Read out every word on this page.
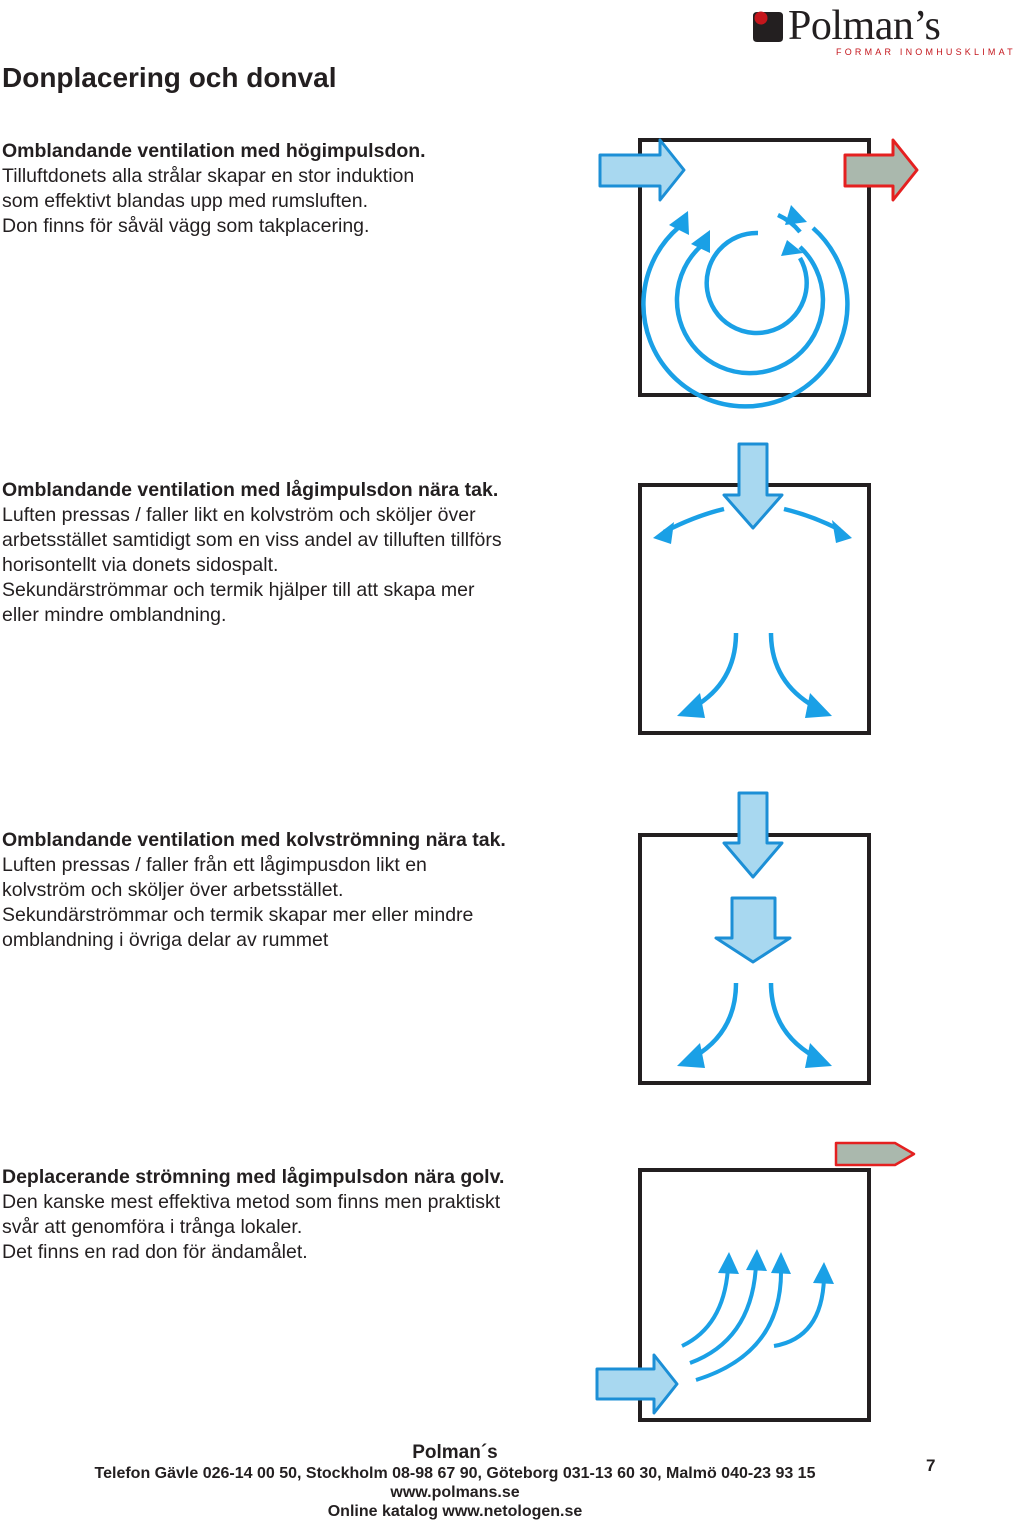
Polman’s
FORMAR INOMHUSKLIMAT
Donplacering och donval
Omblandande ventilation med högimpulsdon.
Tilluftdonets alla strålar skapar en stor induktion
som effektivt blandas upp med rumsluften.
Don finns för såväl vägg som takplacering.
Omblandande ventilation med lågimpulsdon nära tak.
Luften pressas / faller likt en kolvström och sköljer över
arbetsstället samtidigt som en viss andel av tilluften tillförs
horisontellt via donets sidospalt.
Sekundärströmmar och termik hjälper till att skapa mer
eller mindre omblandning.
Omblandande ventilation med kolvströmning nära tak.
Luften pressas / faller från ett lågimpusdon likt en
kolvström och sköljer över arbetsstället.
Sekundärströmmar och termik skapar mer eller mindre
omblandning i övriga delar av rummet
Deplacerande strömning med lågimpulsdon nära golv.
Den kanske mest effektiva metod som finns men praktiskt
svår att genomföra i trånga lokaler.
Det finns en rad don för ändamålet.
Polman´s
Telefon Gävle 026-14 00 50, Stockholm 08-98 67 90, Göteborg 031-13 60 30, Malmö 040-23 93 15
www.polmans.se
Online katalog www.netologen.se
7
